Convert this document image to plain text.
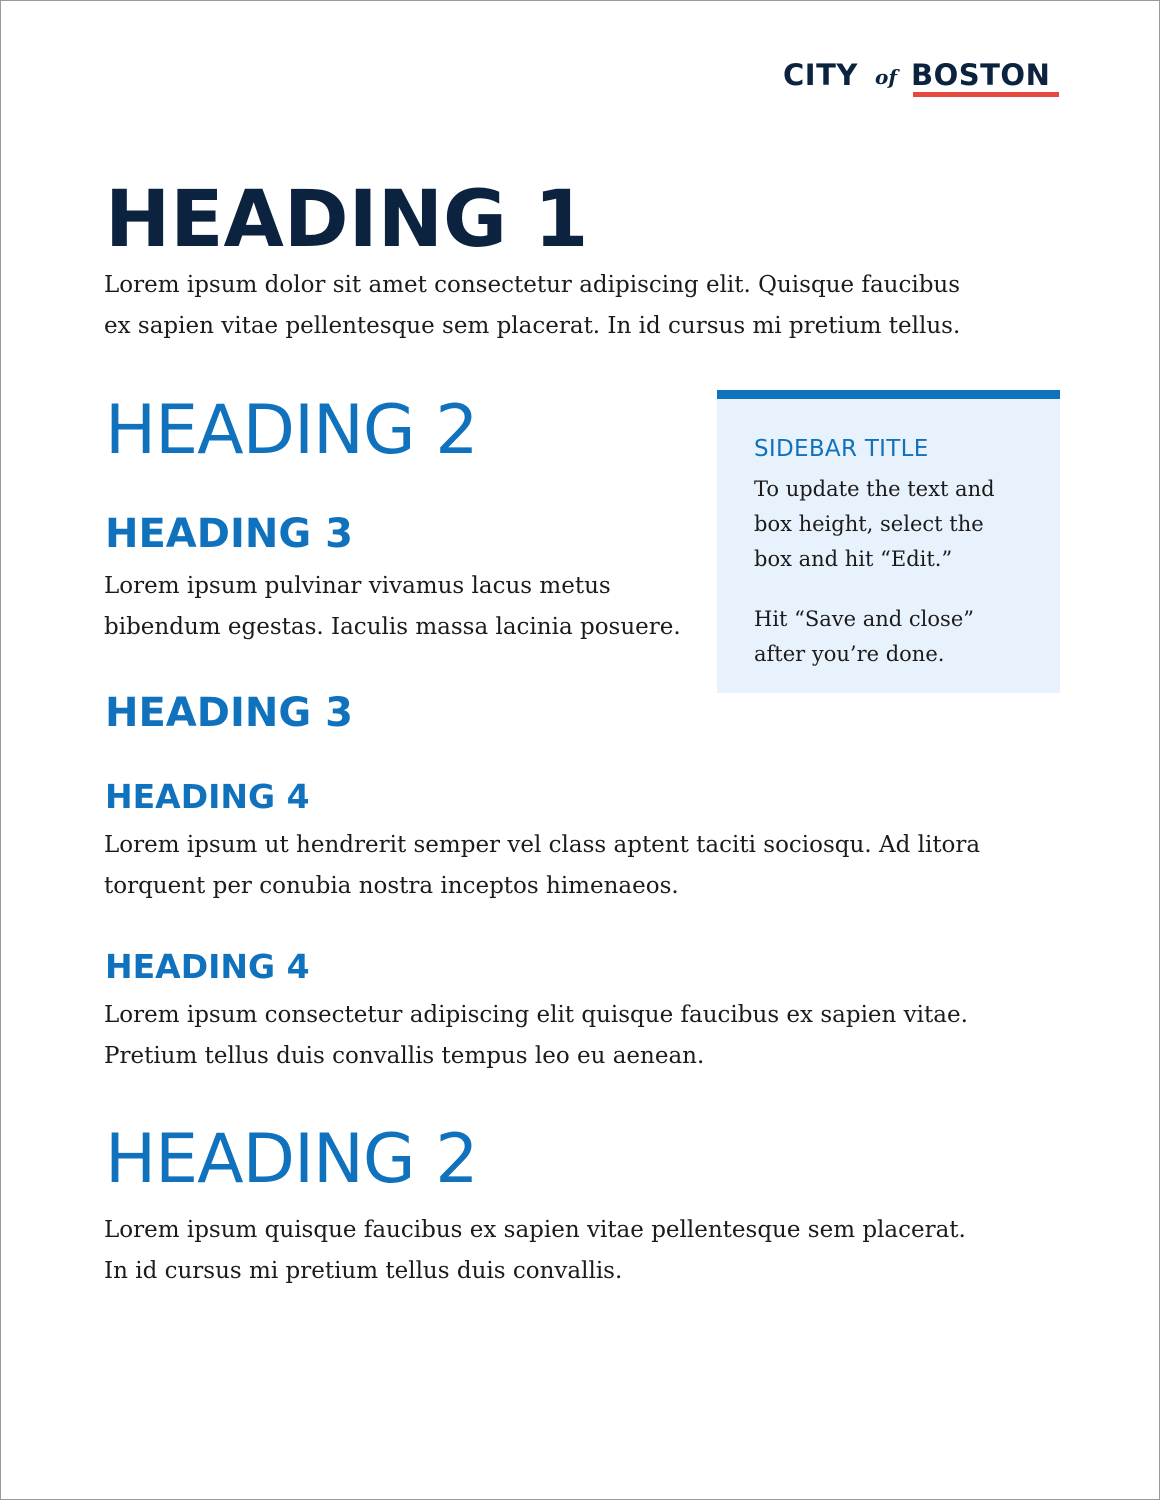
CITY of BOSTON
HEADING 1

Lorem ipsum dolor sit amet consectetur adipiscing elit. Quisque faucibus
ex sapien vitae pellentesque sem placerat. In id cursus mi pretium tellus.

HEADING 2
HEADING 3

Lorem ipsum pulvinar vivamus lacus metus
bibendum egestas. Iaculis massa lacinia posuere.

HEADING 3
HEADING 4

Lorem ipsum ut hendrerit semper vel class aptent taciti sociosqu. Ad litora
torquent per conubia nostra inceptos himenaeos.

HEADING 4

Lorem ipsum consectetur adipiscing elit quisque faucibus ex sapien vitae.
Pretium tellus duis convallis tempus leo eu aenean.

HEADING 2

Lorem ipsum quisque faucibus ex sapien vitae pellentesque sem placerat.
In id cursus mi pretium tellus duis convallis.

SIDEBAR TITLE

To update the text and
box height, select the
box and hit “Edit.”

Hit “Save and close”
after you’re done.
